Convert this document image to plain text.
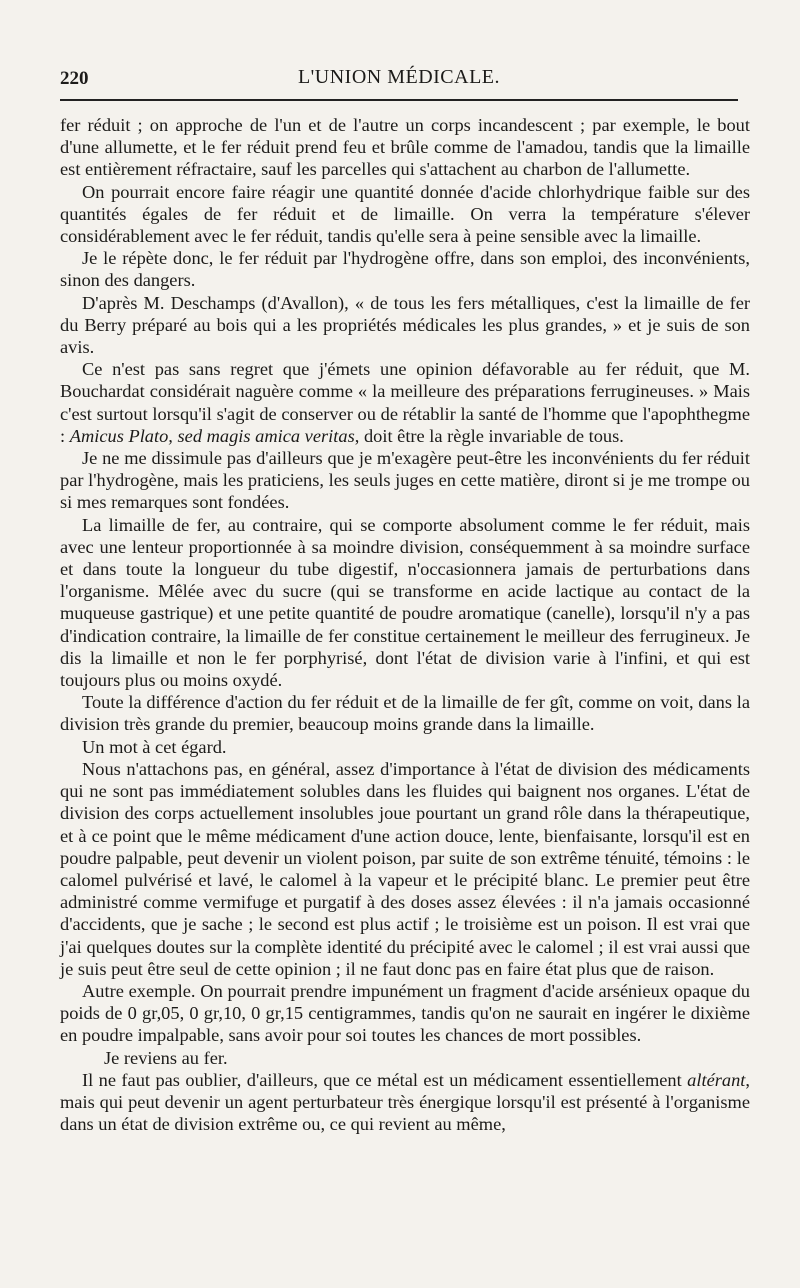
220	L'UNION MÉDICALE.

fer réduit ; on approche de l'un et de l'autre un corps incandescent ; par exemple, le bout d'une allumette, et le fer réduit prend feu et brûle comme de l'amadou, tandis que la limaille est entièrement réfractaire, sauf les parcelles qui s'attachent au charbon de l'allumette.

On pourrait encore faire réagir une quantité donnée d'acide chlorhydrique faible sur des quantités égales de fer réduit et de limaille. On verra la température s'élever considérablement avec le fer réduit, tandis qu'elle sera à peine sensible avec la limaille.

Je le répète donc, le fer réduit par l'hydrogène offre, dans son emploi, des inconvénients, sinon des dangers.

D'après M. Deschamps (d'Avallon), « de tous les fers métalliques, c'est la limaille de fer du Berry préparé au bois qui a les propriétés médicales les plus grandes, » et je suis de son avis.

Ce n'est pas sans regret que j'émets une opinion défavorable au fer réduit, que M. Bouchardat considérait naguère comme « la meilleure des préparations ferrugineuses. » Mais c'est surtout lorsqu'il s'agit de conserver ou de rétablir la santé de l'homme que l'apophthegme : Amicus Plato, sed magis amica veritas, doit être la règle invariable de tous.

Je ne me dissimule pas d'ailleurs que je m'exagère peut-être les inconvénients du fer réduit par l'hydrogène, mais les praticiens, les seuls juges en cette matière, diront si je me trompe ou si mes remarques sont fondées.

La limaille de fer, au contraire, qui se comporte absolument comme le fer réduit, mais avec une lenteur proportionnée à sa moindre division, conséquemment à sa moindre surface et dans toute la longueur du tube digestif, n'occasionnera jamais de perturbations dans l'organisme. Mêlée avec du sucre (qui se transforme en acide lactique au contact de la muqueuse gastrique) et une petite quantité de poudre aromatique (canelle), lorsqu'il n'y a pas d'indication contraire, la limaille de fer constitue certainement le meilleur des ferrugineux. Je dis la limaille et non le fer porphyrisé, dont l'état de division varie à l'infini, et qui est toujours plus ou moins oxydé.

Toute la différence d'action du fer réduit et de la limaille de fer gît, comme on voit, dans la division très grande du premier, beaucoup moins grande dans la limaille.

Un mot à cet égard.

Nous n'attachons pas, en général, assez d'importance à l'état de division des médicaments qui ne sont pas immédiatement solubles dans les fluides qui baignent nos organes. L'état de division des corps actuellement insolubles joue pourtant un grand rôle dans la thérapeutique, et à ce point que le même médicament d'une action douce, lente, bienfaisante, lorsqu'il est en poudre palpable, peut devenir un violent poison, par suite de son extrême ténuité, témoins : le calomel pulvérisé et lavé, le calomel à la vapeur et le précipité blanc. Le premier peut être administré comme vermifuge et purgatif à des doses assez élevées : il n'a jamais occasionné d'accidents, que je sache ; le second est plus actif ; le troisième est un poison. Il est vrai que j'ai quelques doutes sur la complète identité du précipité avec le calomel ; il est vrai aussi que je suis peut être seul de cette opinion ; il ne faut donc pas en faire état plus que de raison.

Autre exemple. On pourrait prendre impunément un fragment d'acide arsénieux opaque du poids de 0 gr,05, 0 gr,10, 0 gr,15 centigrammes, tandis qu'on ne saurait en ingérer le dixième en poudre impalpable, sans avoir pour soi toutes les chances de mort possibles.

Je reviens au fer.

Il ne faut pas oublier, d'ailleurs, que ce métal est un médicament essentiellement altérant, mais qui peut devenir un agent perturbateur très énergique lorsqu'il est présenté à l'organisme dans un état de division extrême ou, ce qui revient au même,
